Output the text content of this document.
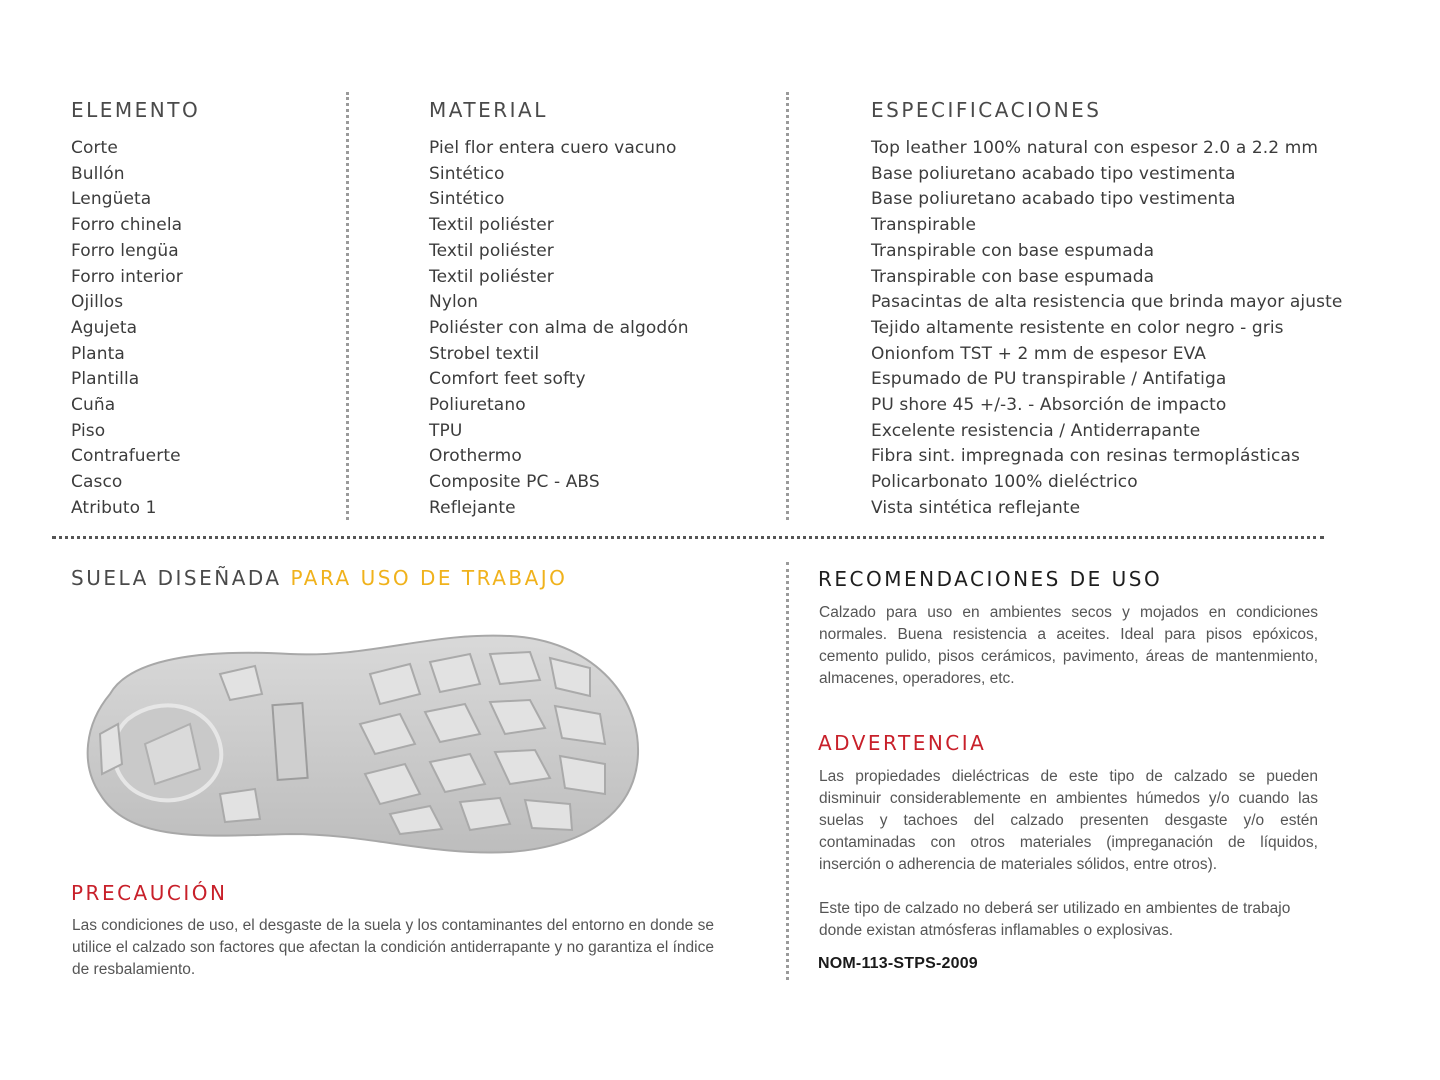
ELEMENTO
Corte
Bullón
Lengüeta
Forro chinela
Forro lengüa
Forro interior
Ojillos
Agujeta
Planta
Plantilla
Cuña
Piso
Contrafuerte
Casco
Atributo 1
MATERIAL
Piel flor entera cuero vacuno
Sintético
Sintético
Textil poliéster
Textil poliéster
Textil poliéster
Nylon
Poliéster con alma de algodón
Strobel textil
Comfort feet softy
Poliuretano
TPU
Orothermo
Composite PC - ABS
Reflejante
ESPECIFICACIONES
Top leather 100% natural con espesor 2.0 a 2.2 mm
Base poliuretano acabado tipo vestimenta
Base poliuretano acabado tipo vestimenta
Transpirable
Transpirable con base espumada
Transpirable con base espumada
Pasacintas de alta resistencia que brinda mayor ajuste
Tejido altamente resistente en color negro - gris
Onionfom TST + 2 mm de espesor EVA
Espumado de PU transpirable / Antifatiga
PU shore 45 +/-3. - Absorción de impacto
Excelente resistencia / Antiderrapante
Fibra sint. impregnada con resinas termoplásticas
Policarbonato 100% dieléctrico
Vista sintética reflejante
SUELA DISEÑADA PARA USO DE TRABAJO
PRECAUCIÓN

Las condiciones de uso, el desgaste de la suela y los contaminantes del entorno en donde se utilice el calzado son factores que afectan la condición antiderrapante y no garantiza el índice de resbalamiento.

RECOMENDACIONES DE USO

Calzado para uso en ambientes secos y mojados en condiciones normales. Buena resistencia a aceites. Ideal para pisos epóxicos, cemento pulido, pisos cerámicos, pavimento, áreas de mantenmiento, almacenes, operadores, etc.

ADVERTENCIA

Las propiedades dieléctricas de este tipo de calzado se pueden disminuir considerablemente en ambientes húmedos y/o cuando las suelas y tachoes del calzado presenten desgaste y/o estén contaminadas con otros materiales (impreganación de líquidos, inserción o adherencia de materiales sólidos, entre otros).

Este tipo de calzado no deberá ser utilizado en ambientes de trabajo donde existan atmósferas inflamables o explosivas.

NOM-113-STPS-2009
